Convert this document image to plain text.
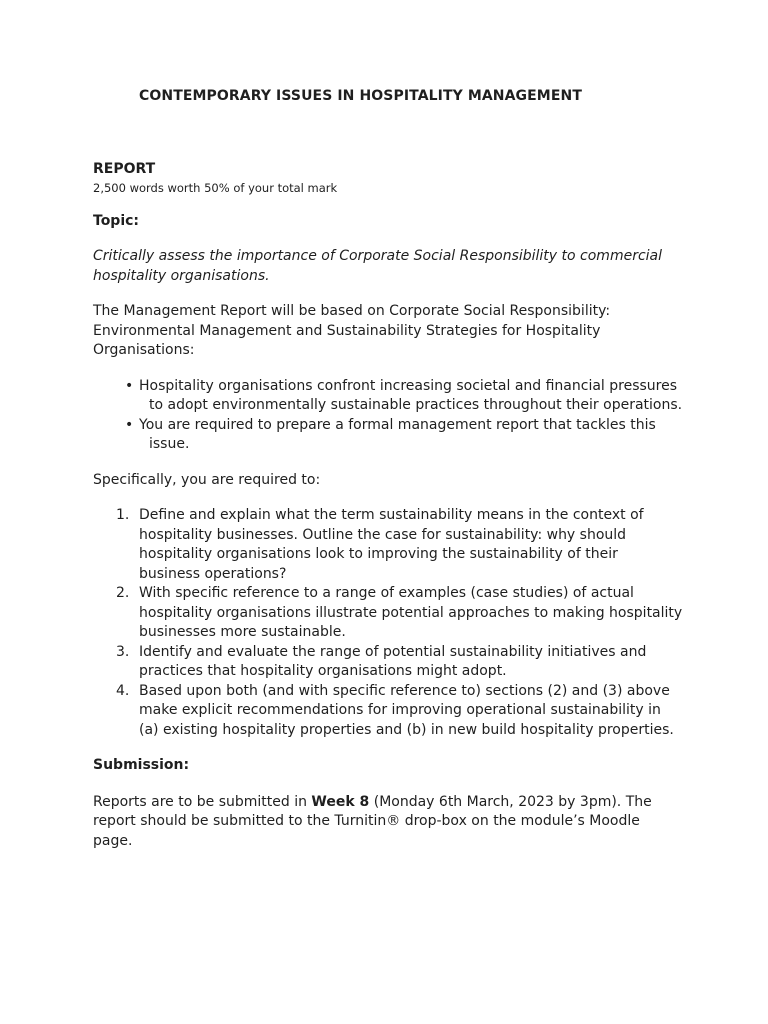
CONTEMPORARY ISSUES IN HOSPITALITY MANAGEMENT

REPORT

2,500 words worth 50% of your total mark

Topic:

Critically assess the importance of Corporate Social Responsibility to commercial hospitality organisations.

The Management Report will be based on Corporate Social Responsibility: Environmental Management and Sustainability Strategies for Hospitality Organisations:

• Hospitality organisations confront increasing societal and financial pressures to adopt environmentally sustainable practices throughout their operations.
• You are required to prepare a formal management report that tackles this issue.

Specifically, you are required to:

1. Define and explain what the term sustainability means in the context of hospitality businesses. Outline the case for sustainability: why should hospitality organisations look to improving the sustainability of their business operations?
2. With specific reference to a range of examples (case studies) of actual hospitality organisations illustrate potential approaches to making hospitality businesses more sustainable.
3. Identify and evaluate the range of potential sustainability initiatives and practices that hospitality organisations might adopt.
4. Based upon both (and with specific reference to) sections (2) and (3) above make explicit recommendations for improving operational sustainability in (a) existing hospitality properties and (b) in new build hospitality properties.

Submission:

Reports are to be submitted in Week 8 (Monday 6th March, 2023 by 3pm). The report should be submitted to the Turnitin® drop-box on the module’s Moodle page.
